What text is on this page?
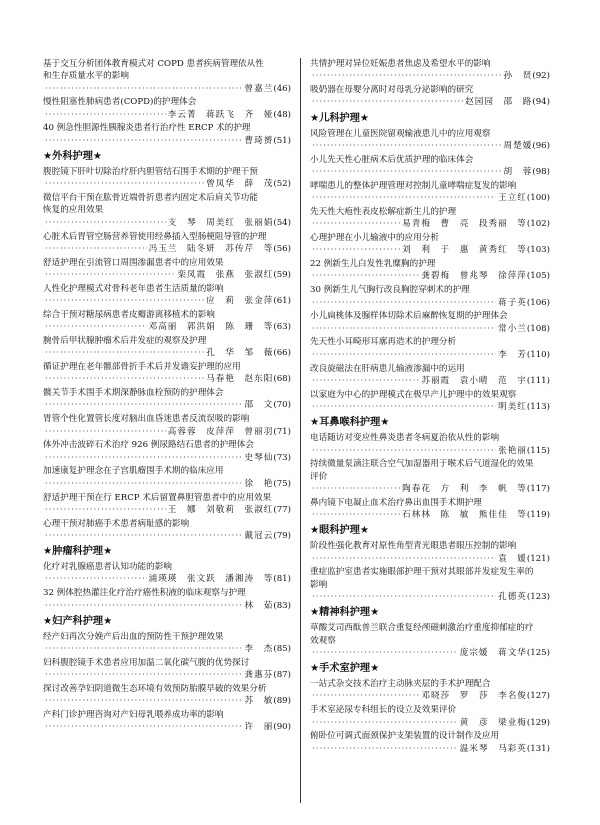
基于交互分析团体教育模式对 COPD 患者疾病管理依从性
和生存质量水平的影响
·····
曾嘉兰 (46)
慢性阻塞性肺病患者(COPD)的护理体会
·····
李云菁　蒋跃飞　齐　娅 (48)
40 例急性胆源性胰腺炎患者行治疗性 ERCP 术的护理
·····
曹琦赟 (51)
★外科护理★
腹腔镜下肝叶切除治疗肝内胆管结石围手术期的护理干预
·····
曾凤华　薛　茂 (52)
微信平台干预在肱骨近端骨折患者内固定术后肩关节功能
恢复的应用效果
·····
支　琴　周美红　张丽娟 (54)
心脏术后胃管空肠营养管使用经鼻插入型肠梗阻导管的护理
·····
冯玉兰　陆冬妍　苏传芹　等 (56)
舒适护理在引流管口周围渗漏患者中的应用效果
·····
栾凤霞　张燕　张淑红 (59)
人性化护理模式对骨科老年患者生活质量的影响
·····
应　莉　张金萍 (61)
综合干预对糖尿病患者皮瓣游离移植术的影响
·····
邓高丽　郭洪娟　陈　珊　等 (63)
腕骨后甲状腺肿瘤术后并发症的观察及护理
·····
孔　华　邹　薇 (66)
循证护理在老年髋部骨折手术后并发谵妄护理的应用
·····
马春艳　赵东阳 (68)
髋关节手术围手术期深静脉血栓预防的护理体会
·····
邵　文 (70)
胃管个性化置管长度对脑出血昏迷患者反流误吸的影响
·····
高蓉蓉　皮萍萍　曾丽羽 (71)
体外冲击波碎石术治疗 926 例尿路结石患者的护理体会
·····
史琴仙 (73)
加速康复护理念在子宫肌瘤围手术期的临床应用
·····
徐　艳 (75)
舒适护理干预在行 ERCP 术后留置鼻胆管患者中的应用效果
·····
王　娜　刘敬莉　张淑红 (77)
心理干预对肺癌手术患者病耻感的影响
·····
戴冠云 (79)
★肿瘤科护理★
化疗对乳腺癌患者认知功能的影响
·····
浦瑛瑛　张文跃　潘湘涛　等 (81)
32 例体腔热灌注化疗治疗癌性积液的临床观察与护理
·····
林　茹 (83)
★妇产科护理★
经产妇再次分娩产后出血的预防性干预护理效果
·····
李　杰 (85)
妇科腹腔镜手术患者应用加温二氧化碳气腹的优势探讨
·····
龚惠芬 (87)
探讨改善孕妇阴道微生态环境有效预防胎膜早破的效果分析
·····
苏　敏 (89)
产科门诊护理咨询对产妇母乳喂养成功率的影响
·····
许　丽 (90)
共情护理对异位妊娠患者焦虑及希望水平的影响
·····
孙　贤 (92)
吸奶器在母婴分离时对母乳分泌影响的研究
·····
赵园园　邵　路 (94)
★儿科护理★
风险管理在儿童医院留观输液患儿中的应用观察
·····
周楚媛 (96)
小儿先天性心脏病术后优质护理的临床体会
·····
胡　蓉 (98)
哮喘患儿的整体护理管理对控制儿童哮喘症复发的影响
·····
王立红 (100)
先天性大疱性表皮松解症新生儿的护理
·····
易青梅　曹　亮　段秀丽　等 (102)
心理护理在小儿输液中的应用分析
·····
刘　利　于　惠　黄秀红　等 (103)
22 例新生儿白发性乳糜胸的护理
·····
龚碧梅　曾兆琴　徐萍萍 (105)
30 例新生儿气胸行改良胸腔穿刺术的护理
·····
蒋子英 (106)
小儿扁桃体及腺样体切除术后麻醉恢复期的护理体会
·····
常小兰 (108)
先天性小耳畸形耳廓再造术的护理分析
·····
李　芳 (110)
改良旋磁法在肝病患儿输液渗漏中的运用
·····
苏丽霞　袁小晴　范　宇 (111)
以家庭为中心的护理模式在极早产儿护理中的效果观察
·····
明美红 (113)
★耳鼻喉科护理★
电话随访对变应性鼻炎患者冬病夏治依从性的影响
·····
张艳丽 (115)
持续微量泵滴注联合空气加湿器用于喉术后气道湿化的效果
评价
·····
陶春花　方　利　李　帆　等 (117)
鼻内镜下电凝止血术治疗鼻出血围手术期护理
·····
石林林　陈　敏　熊佳佳　等 (119)
★眼科护理★
阶段性强化教育对原性角型青光眼患者眼压控制的影响
·····
袁　媛 (121)
重症监护室患者实施眼部护理干预对其眼部并发症发生率的
影响
·····
孔德英 (123)
★精神科护理★
草酸艾司西酞普兰联合重复经颅磁刺激治疗重度抑郁症的疗
效观察
·····
庞宗媛　蒋文华 (125)
★手术室护理★
一站式杂交技术治疗主动脉夹层的手术护理配合
·····
邓晓莎　罗　莎　李名俊 (127)
手术室泌尿专科组长的设立及效果评价
·····
黄　彦　梁业梅 (129)
俯卧位可调式面颈保护支架装置的设计制作及应用
·····
温米琴　马彩英 (131)
